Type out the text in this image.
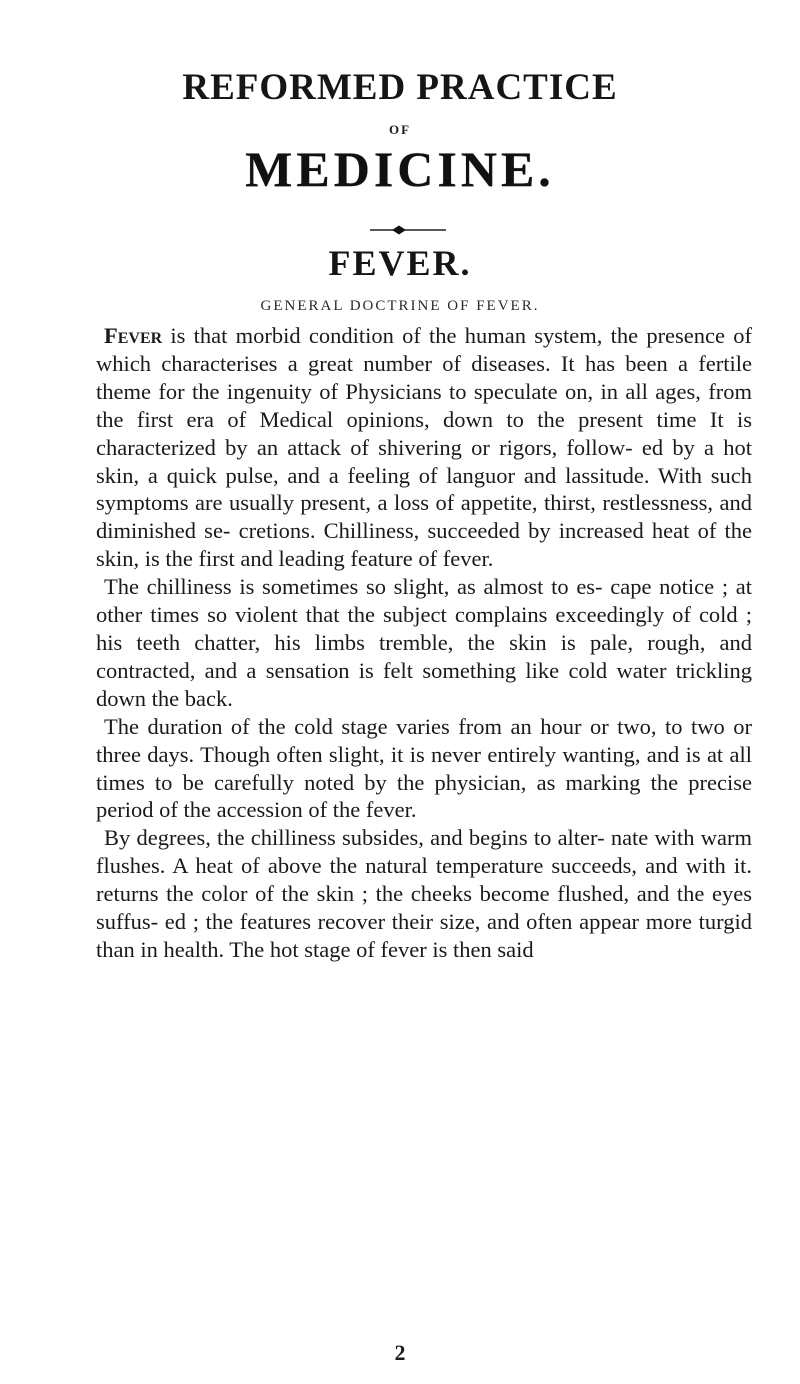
REFORMED PRACTICE
OF
MEDICINE.
FEVER.
GENERAL DOCTRINE OF FEVER.

Fever is that morbid condition of the human system, the presence of which characterises a great number of diseases. It has been a fertile theme for the ingenuity of Physicians to speculate on, in all ages, from the first era of Medical opinions, down to the present time It is characterized by an attack of shivering or rigors, follow- ed by a hot skin, a quick pulse, and a feeling of languor and lassitude. With such symptoms are usually present, a loss of appetite, thirst, restlessness, and diminished se- cretions. Chilliness, succeeded by increased heat of the skin, is the first and leading feature of fever.

The chilliness is sometimes so slight, as almost to es- cape notice ; at other times so violent that the subject complains exceedingly of cold ; his teeth chatter, his limbs tremble, the skin is pale, rough, and contracted, and a sensation is felt something like cold water trickling down the back.

The duration of the cold stage varies from an hour or two, to two or three days. Though often slight, it is never entirely wanting, and is at all times to be carefully noted by the physician, as marking the precise period of the accession of the fever.

By degrees, the chilliness subsides, and begins to alter- nate with warm flushes. A heat of above the natural temperature succeeds, and with it. returns the color of the skin ; the cheeks become flushed, and the eyes suffus- ed ; the features recover their size, and often appear more turgid than in health. The hot stage of fever is then said

2
